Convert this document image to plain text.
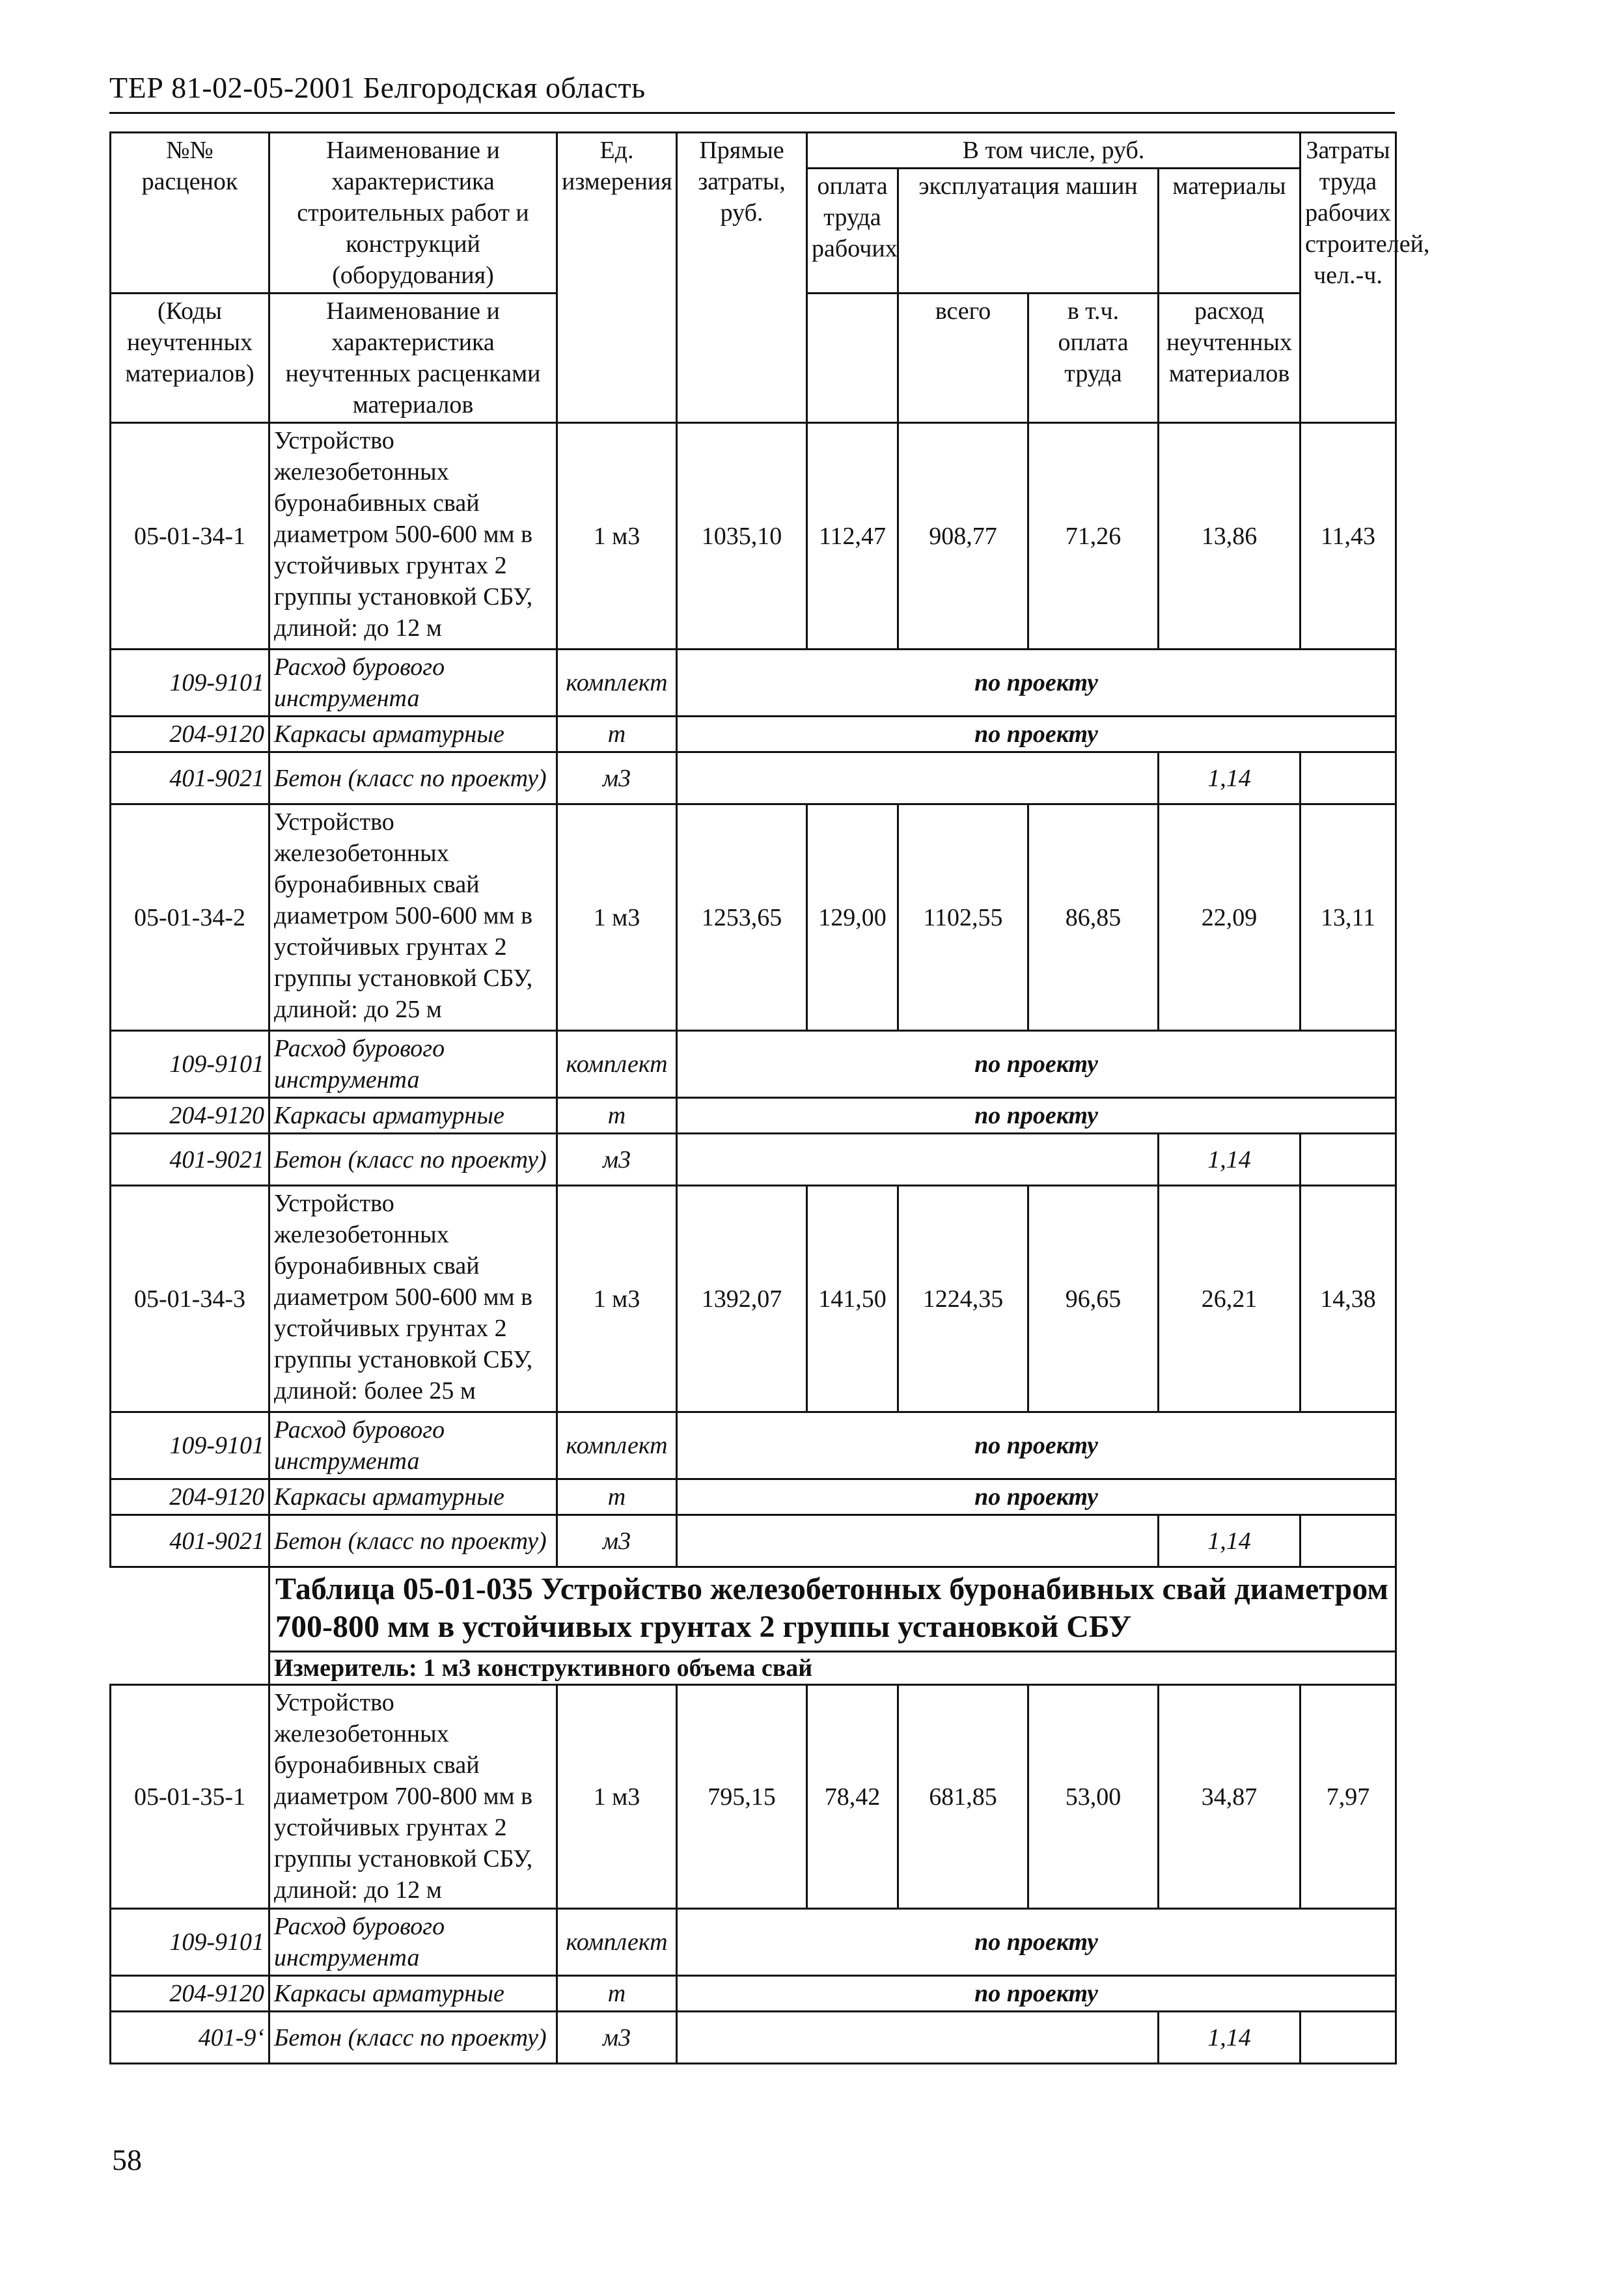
ТЕР 81-02-05-2001 Белгородская область
№№ расценок	Наименование и характеристика строительных работ и конструкций (оборудования)	Ед. измерения	Прямые затраты, руб.	В том числе, руб.				Затраты труда рабочих строителей, чел.-ч.
				оплата труда рабочих	эксплуатация машин		материалы	

(Коды неучтенных материалов)	Наименование и характеристика неучтенных расценками материалов				всего	в т.ч. оплата труда	расход неучтенных материалов	

05-01-34-1	Устройство железобетонных буронабивных свай диаметром 500-600 мм в устойчивых грунтах 2 группы установкой СБУ, длиной: до 12 м	1 м3	1035,10	112,47	908,77	71,26	13,86	11,43
109-9101	Расход бурового инструмента	комплект	по проекту					
204-9120	Каркасы арматурные	т	по проекту					
401-9021	Бетон (класс по проекту)	м3					1,14	
05-01-34-2	Устройство железобетонных буронабивных свай диаметром 500-600 мм в устойчивых грунтах 2 группы установкой СБУ, длиной: до 25 м	1 м3	1253,65	129,00	1102,55	86,85	22,09	13,11
109-9101	Расход бурового инструмента	комплект	по проекту					
204-9120	Каркасы арматурные	т	по проекту					
401-9021	Бетон (класс по проекту)	м3					1,14	
05-01-34-3	Устройство железобетонных буронабивных свай диаметром 500-600 мм в устойчивых грунтах 2 группы установкой СБУ, длиной: более 25 м	1 м3	1392,07	141,50	1224,35	96,65	26,21	14,38
109-9101	Расход бурового инструмента	комплект	по проекту					
204-9120	Каркасы арматурные	т	по проекту					
401-9021	Бетон (класс по проекту)	м3					1,14	
	Таблица 05-01-035 Устройство железобетонных буронабивных свай диаметром 700-800 мм в устойчивых грунтах 2 группы установкой СБУ							
	Измеритель: 1 м3 конструктивного объема свай							
05-01-35-1	Устройство железобетонных буронабивных свай диаметром 700-800 мм в устойчивых грунтах 2 группы установкой СБУ, длиной: до 12 м	1 м3	795,15	78,42	681,85	53,00	34,87	7,97
109-9101	Расход бурового инструмента	комплект	по проекту					
204-9120	Каркасы арматурные	т	по проекту					
401-9‘	Бетон (класс по проекту)	м3					1,14	
58
